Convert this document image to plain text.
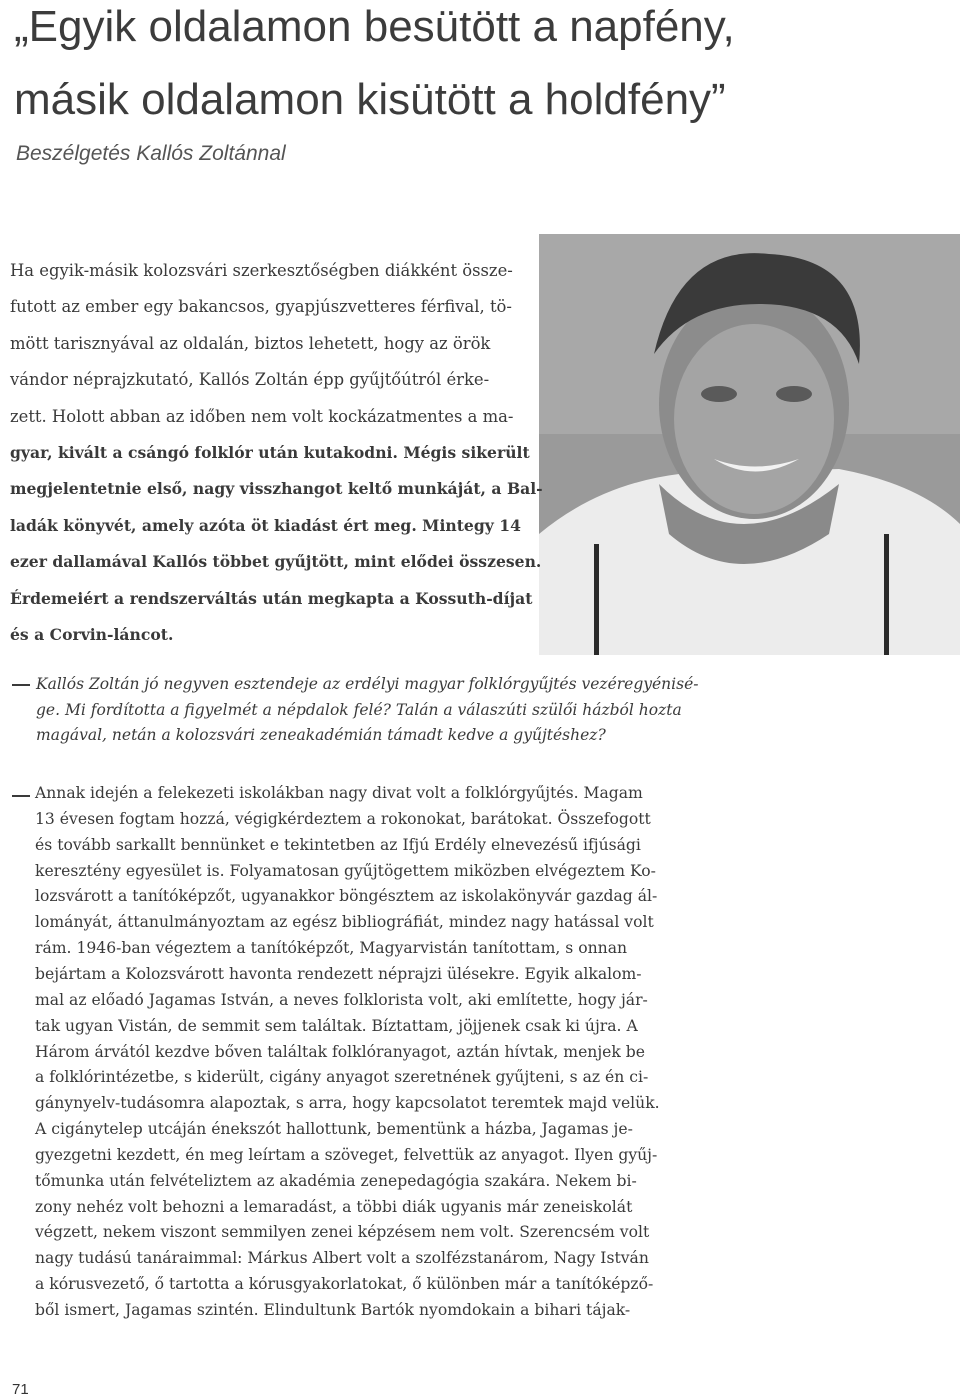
„Egyik oldalamon besütött a napfény,
másik oldalamon kisütött a holdfény”
Beszélgetés Kallós Zoltánnal
Ha egyik-másik kolozsvári szerkesztőségben diákként össze-
futott az ember egy bakancsos, gyapjúszvetteres férfival, tö-
mött tarisznyával az oldalán, biztos lehetett, hogy az örök
vándor néprajzkutató, Kallós Zoltán épp gyűjtőútról érke-
zett. Holott abban az időben nem volt kockázatmentes a ma-
gyar, kivált a csángó folklór után kutakodni. Mégis sikerült
megjelentetnie első, nagy visszhangot keltő munkáját, a Bal-
ladák könyvét, amely azóta öt kiadást ért meg. Mintegy 14
ezer dallamával Kallós többet gyűjtött, mint elődei összesen.
Érdemeiért a rendszerváltás után megkapta a Kossuth-díjat
és a Corvin-láncot.
Kallós Zoltán jó negyven esztendeje az erdélyi magyar folklórgyűjtés vezéregyénisé-
ge. Mi fordította a figyelmét a népdalok felé? Talán a válaszúti szülői házból hozta
magával, netán a kolozsvári zeneakadémián támadt kedve a gyűjtéshez?
Annak idején a felekezeti iskolákban nagy divat volt a folklórgyűjtés. Magam
13 évesen fogtam hozzá, végigkérdeztem a rokonokat, barátokat. Összefogott
és tovább sarkallt bennünket e tekintetben az Ifjú Erdély elnevezésű ifjúsági
keresztény egyesület is. Folyamatosan gyűjtögettem miközben elvégeztem Ko-
lozsvárott a tanítóképzőt, ugyanakkor böngésztem az iskolakönyvár gazdag ál-
lományát, áttanulmányoztam az egész bibliográfiát, mindez nagy hatással volt
rám. 1946-ban végeztem a tanítóképzőt, Magyarvistán tanítottam, s onnan
bejártam a Kolozsvárott havonta rendezett néprajzi ülésekre. Egyik alkalom-
mal az előadó Jagamas István, a neves folklorista volt, aki említette, hogy jár-
tak ugyan Vistán, de semmit sem találtak. Bíztattam, jöjjenek csak ki újra. A
Három árvától kezdve bőven találtak folklóranyagot, aztán hívtak, menjek be
a folklórintézetbe, s kiderült, cigány anyagot szeretnének gyűjteni, s az én ci-
gánynyelv-tudásomra alapoztak, s arra, hogy kapcsolatot teremtek majd velük.
A cigánytelep utcáján énekszót hallottunk, bementünk a házba, Jagamas je-
gyezgetni kezdett, én meg leírtam a szöveget, felvettük az anyagot. Ilyen gyűj-
tőmunka után felvételiztem az akadémia zenepedagógia szakára. Nekem bi-
zony nehéz volt behozni a lemaradást, a többi diák ugyanis már zeneiskolát
végzett, nekem viszont semmilyen zenei képzésem nem volt. Szerencsém volt
nagy tudású tanáraimmal: Márkus Albert volt a szolfézstanárom, Nagy István
a kórusvezető, ő tartotta a kórusgyakorlatokat, ő különben már a tanítóképző-
ből ismert, Jagamas szintén. Elindultunk Bartók nyomdokain a bihari tájak-
71
